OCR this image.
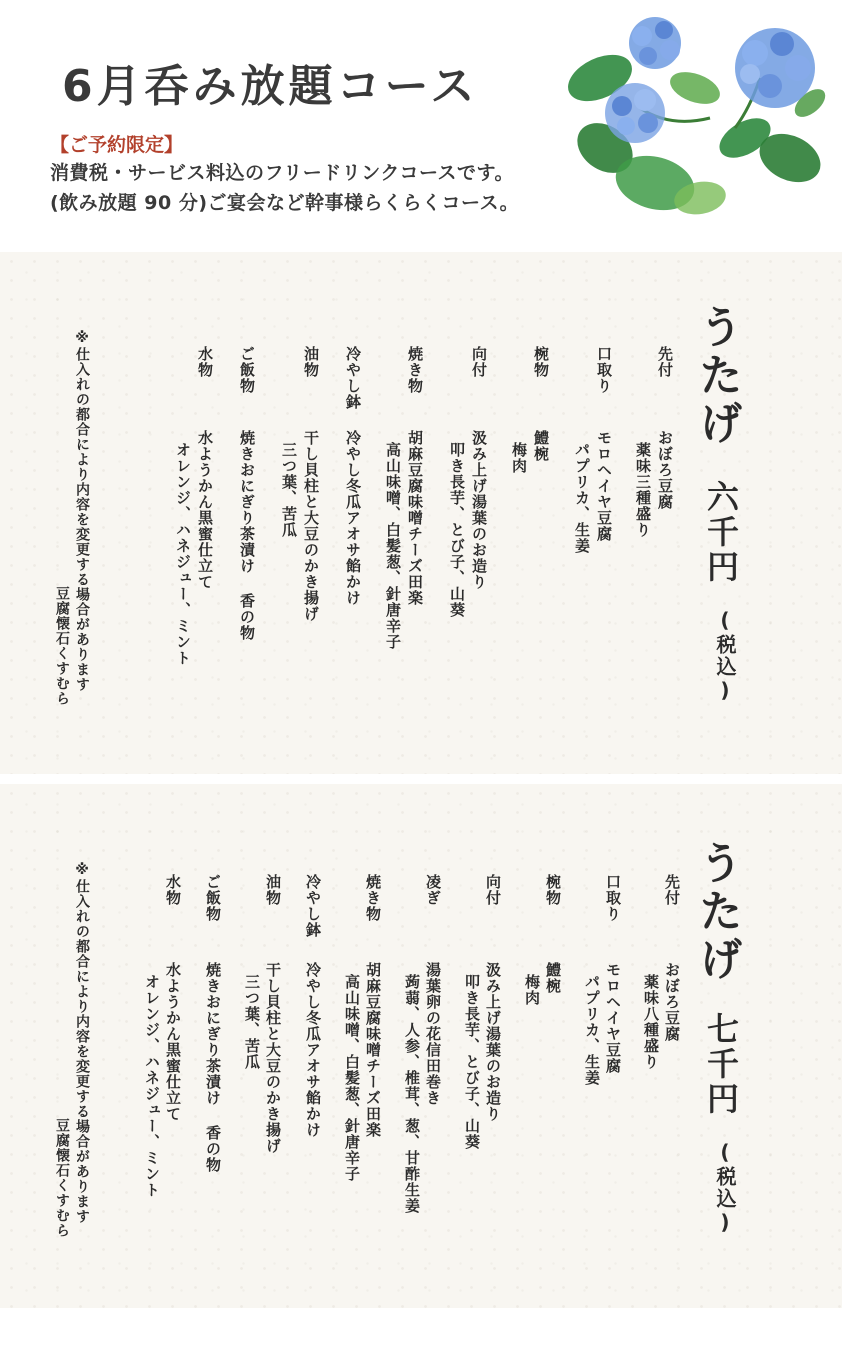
6月呑み放題コース
【ご予約限定】
消費税・サービス料込のフリードリンクコースです。
(飲み放題 90 分)ご宴会など幹事様らくらくコース。
うたげ
六千円
(税込)
先付
おぼろ豆腐
薬味三種盛り
口取り
モロヘイヤ豆腐
パプリカ、生姜
椀物
鱧椀
梅肉
向付
汲み上げ湯葉のお造り
叩き長芋、とび子、山葵
焼き物
胡麻豆腐味噌チーズ田楽
高山味噌、白髪葱、針唐辛子
冷やし鉢
冷やし冬瓜アオサ餡かけ
油物
干し貝柱と大豆のかき揚げ
三つ葉、苦瓜
ご飯物
焼きおにぎり茶漬け 香の物
水物
水ようかん黒蜜仕立て
オレンジ、ハネジュー、ミント
※仕入れの都合により内容を変更する場合があります
豆腐懐石くすむら
うたげ
七千円
(税込)
先付
おぼろ豆腐
薬味八種盛り
口取り
モロヘイヤ豆腐
パプリカ、生姜
椀物
鱧椀
梅肉
向付
汲み上げ湯葉のお造り
叩き長芋、とび子、山葵
凌ぎ
湯葉卵の花信田巻き
蒟蒻、人参、椎茸、葱、甘酢生姜
焼き物
胡麻豆腐味噌チーズ田楽
高山味噌、白髪葱、針唐辛子
冷やし鉢
冷やし冬瓜アオサ餡かけ
油物
干し貝柱と大豆のかき揚げ
三つ葉、苦瓜
ご飯物
焼きおにぎり茶漬け 香の物
水物
水ようかん黒蜜仕立て
オレンジ、ハネジュー、ミント
※仕入れの都合により内容を変更する場合があります
豆腐懐石くすむら
